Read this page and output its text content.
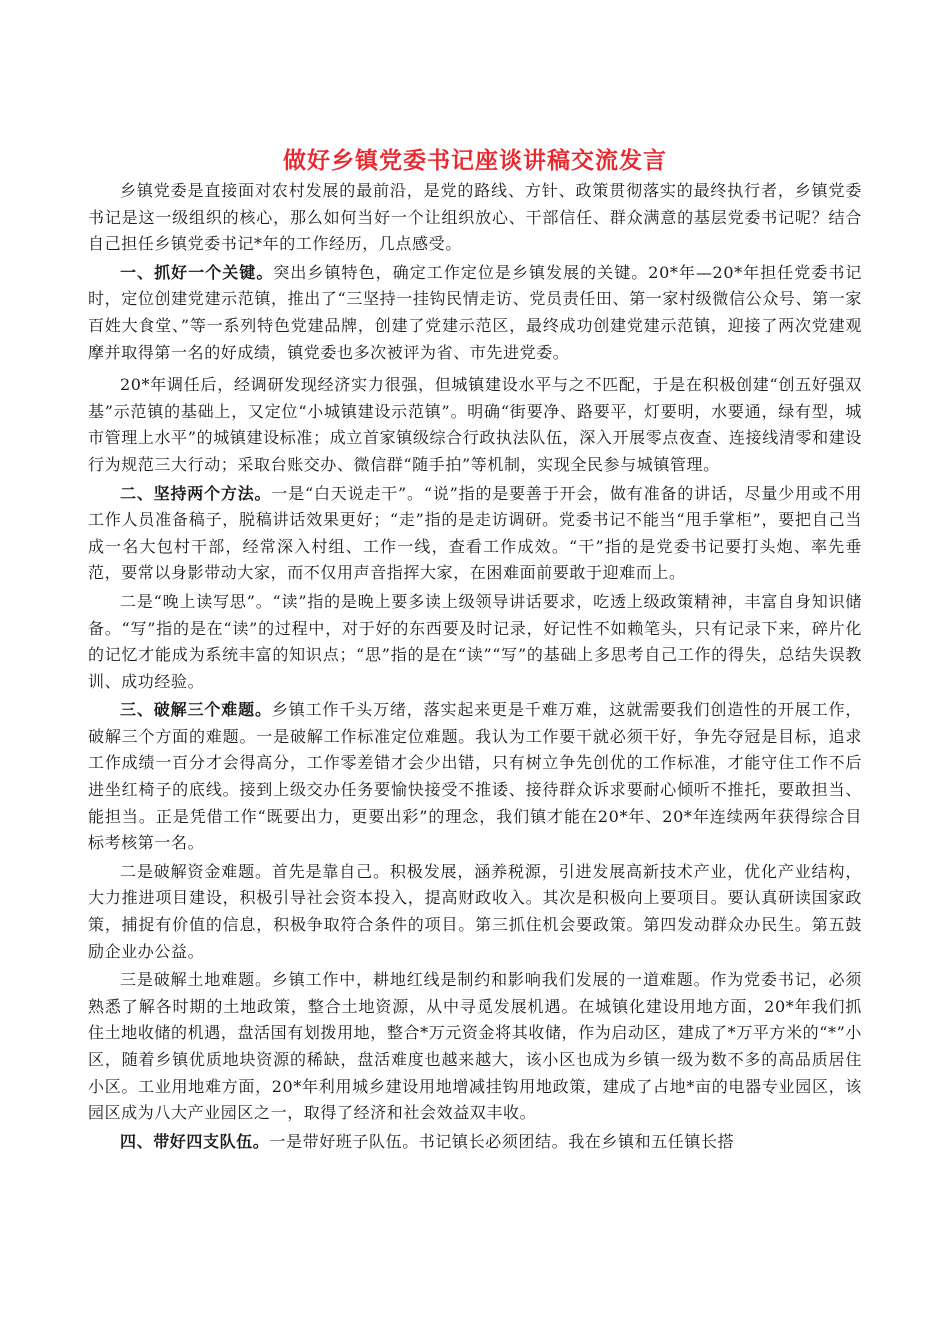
做好乡镇党委书记座谈讲稿交流发言

乡镇党委是直接面对农村发展的最前沿，是党的路线、方针、政策贯彻落实的最终执行者，乡镇党委书记是这一级组织的核心，那么如何当好一个让组织放心、干部信任、群众满意的基层党委书记呢？结合自己担任乡镇党委书记*年的工作经历，几点感受。

一、抓好一个关键。突出乡镇特色，确定工作定位是乡镇发展的关键。20*年—20*年担任党委书记时，定位创建党建示范镇，推出了“三坚持一挂钩民情走访、党员责任田、第一家村级微信公众号、第一家百姓大食堂、”等一系列特色党建品牌，创建了党建示范区，最终成功创建党建示范镇，迎接了两次党建观摩并取得第一名的好成绩，镇党委也多次被评为省、市先进党委。

20*年调任后，经调研发现经济实力很强，但城镇建设水平与之不匹配，于是在积极创建“创五好强双基”示范镇的基础上，又定位“小城镇建设示范镇”。明确“街要净、路要平，灯要明，水要通，绿有型，城市管理上水平”的城镇建设标准；成立首家镇级综合行政执法队伍，深入开展零点夜查、连接线清零和建设行为规范三大行动；采取台账交办、微信群“随手拍”等机制，实现全民参与城镇管理。

二、坚持两个方法。一是“白天说走干”。“说”指的是要善于开会，做有准备的讲话，尽量少用或不用工作人员准备稿子，脱稿讲话效果更好；“走”指的是走访调研。党委书记不能当“甩手掌柜”，要把自己当成一名大包村干部，经常深入村组、工作一线，查看工作成效。“干”指的是党委书记要打头炮、率先垂范，要常以身影带动大家，而不仅用声音指挥大家，在困难面前要敢于迎难而上。

二是“晚上读写思”。“读”指的是晚上要多读上级领导讲话要求，吃透上级政策精神，丰富自身知识储备。“写”指的是在“读”的过程中，对于好的东西要及时记录，好记性不如赖笔头，只有记录下来，碎片化的记忆才能成为系统丰富的知识点；“思”指的是在“读”“写”的基础上多思考自己工作的得失，总结失误教训、成功经验。

三、破解三个难题。乡镇工作千头万绪，落实起来更是千难万难，这就需要我们创造性的开展工作，破解三个方面的难题。一是破解工作标准定位难题。我认为工作要干就必须干好，争先夺冠是目标，追求工作成绩一百分才会得高分，工作零差错才会少出错，只有树立争先创优的工作标准，才能守住工作不后进坐红椅子的底线。接到上级交办任务要愉快接受不推诿、接待群众诉求要耐心倾听不推托，要敢担当、能担当。正是凭借工作“既要出力，更要出彩”的理念，我们镇才能在20*年、20*年连续两年获得综合目标考核第一名。

二是破解资金难题。首先是靠自己。积极发展，涵养税源，引进发展高新技术产业，优化产业结构，大力推进项目建设，积极引导社会资本投入，提高财政收入。其次是积极向上要项目。要认真研读国家政策，捕捉有价值的信息，积极争取符合条件的项目。第三抓住机会要政策。第四发动群众办民生。第五鼓励企业办公益。

三是破解土地难题。乡镇工作中，耕地红线是制约和影响我们发展的一道难题。作为党委书记，必须熟悉了解各时期的土地政策，整合土地资源，从中寻觅发展机遇。在城镇化建设用地方面，20*年我们抓住土地收储的机遇，盘活国有划拨用地，整合*万元资金将其收储，作为启动区，建成了*万平方米的“*”小区，随着乡镇优质地块资源的稀缺，盘活难度也越来越大，该小区也成为乡镇一级为数不多的高品质居住小区。工业用地难方面，20*年利用城乡建设用地增减挂钩用地政策，建成了占地*亩的电器专业园区，该园区成为八大产业园区之一，取得了经济和社会效益双丰收。

四、带好四支队伍。一是带好班子队伍。书记镇长必须团结。我在乡镇和五任镇长搭
